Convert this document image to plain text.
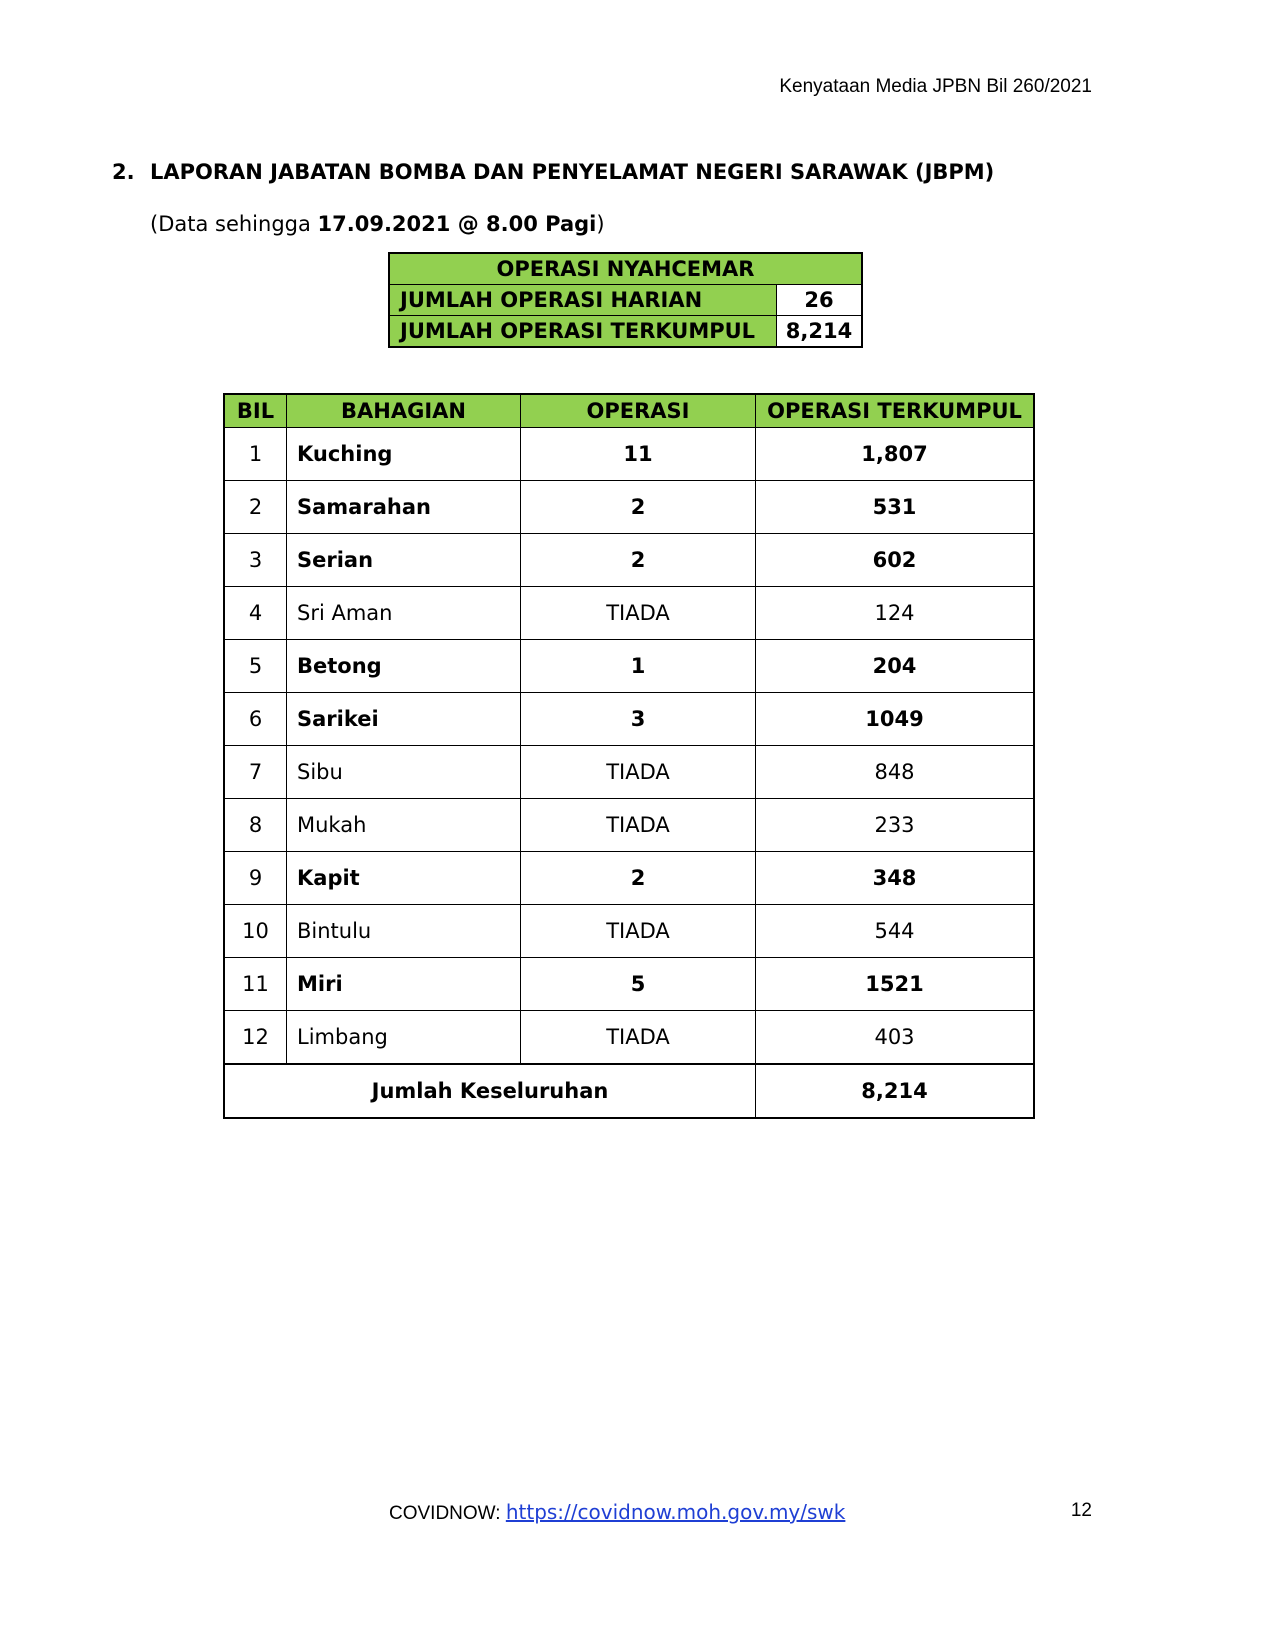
Kenyataan Media JPBN Bil 260/2021
2. LAPORAN JABATAN BOMBA DAN PENYELAMAT NEGERI SARAWAK (JBPM)
(Data sehingga 17.09.2021 @ 8.00 Pagi)
OPERASI NYAHCEMAR	
JUMLAH OPERASI HARIAN	26
JUMLAH OPERASI TERKUMPUL	8,214
BIL	BAHAGIAN	OPERASI	OPERASI TERKUMPUL
1	Kuching	11	1,807
2	Samarahan	2	531
3	Serian	2	602
4	Sri Aman	TIADA	124
5	Betong	1	204
6	Sarikei	3	1049
7	Sibu	TIADA	848
8	Mukah	TIADA	233
9	Kapit	2	348
10	Bintulu	TIADA	544
11	Miri	5	1521
12	Limbang	TIADA	403
Jumlah Keseluruhan			8,214
COVIDNOW: https://covidnow.moh.gov.my/swk	12
